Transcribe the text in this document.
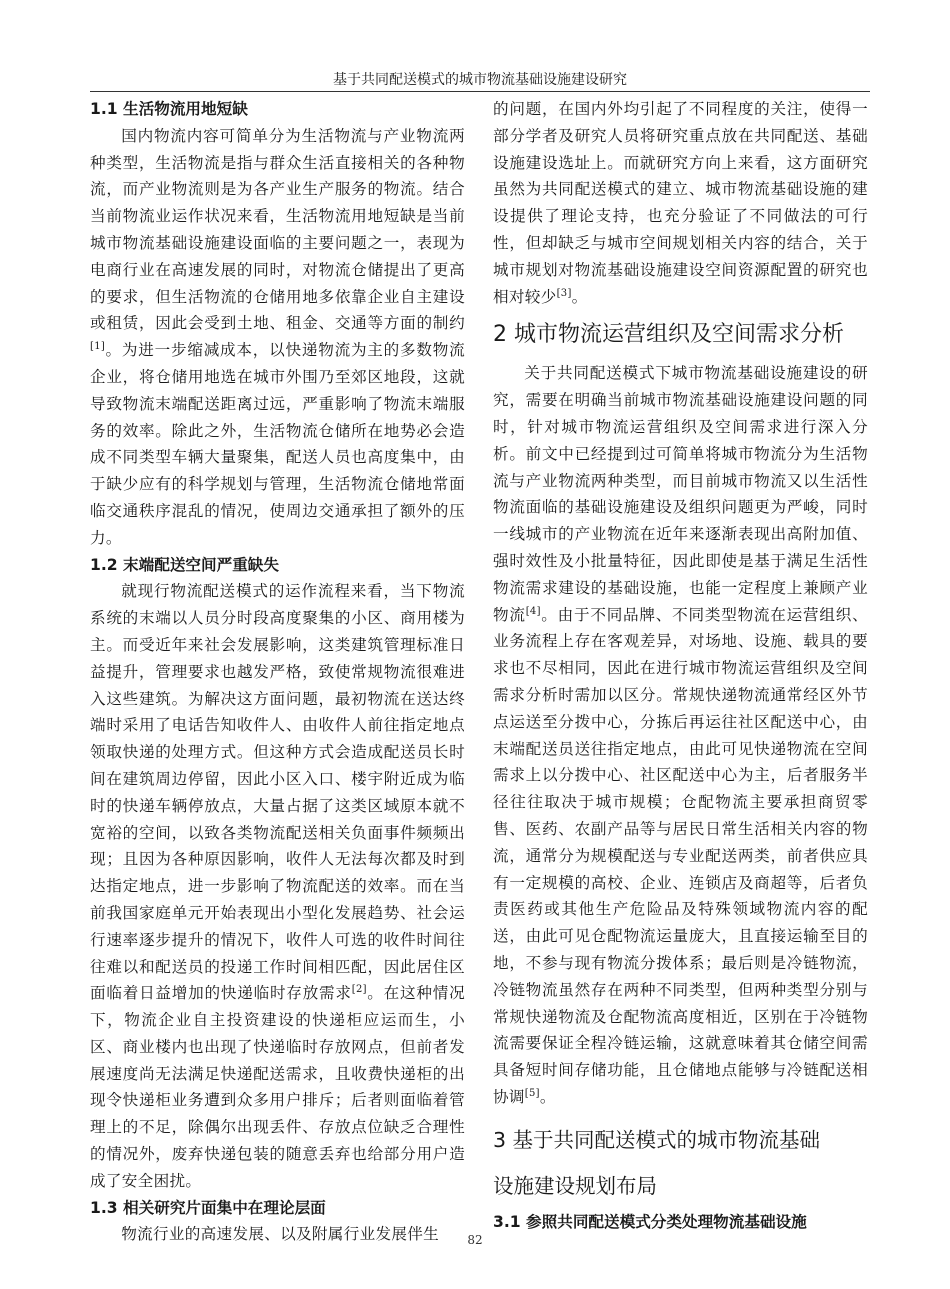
基于共同配送模式的城市物流基础设施建设研究
1.1 生活物流用地短缺

国内物流内容可简单分为生活物流与产业物流两种类型，生活物流是指与群众生活直接相关的各种物流，而产业物流则是为各产业生产服务的物流。结合当前物流业运作状况来看，生活物流用地短缺是当前城市物流基础设施建设面临的主要问题之一，表现为电商行业在高速发展的同时，对物流仓储提出了更高的要求，但生活物流的仓储用地多依靠企业自主建设或租赁，因此会受到土地、租金、交通等方面的制约[1]。为进一步缩减成本，以快递物流为主的多数物流企业，将仓储用地选在城市外围乃至郊区地段，这就导致物流末端配送距离过远，严重影响了物流末端服务的效率。除此之外，生活物流仓储所在地势必会造成不同类型车辆大量聚集，配送人员也高度集中，由于缺少应有的科学规划与管理，生活物流仓储地常面临交通秩序混乱的情况，使周边交通承担了额外的压力。

1.2 末端配送空间严重缺失

就现行物流配送模式的运作流程来看，当下物流系统的末端以人员分时段高度聚集的小区、商用楼为主。而受近年来社会发展影响，这类建筑管理标准日益提升，管理要求也越发严格，致使常规物流很难进入这些建筑。为解决这方面问题，最初物流在送达终端时采用了电话告知收件人、由收件人前往指定地点领取快递的处理方式。但这种方式会造成配送员长时间在建筑周边停留，因此小区入口、楼宇附近成为临时的快递车辆停放点，大量占据了这类区域原本就不宽裕的空间，以致各类物流配送相关负面事件频频出现；且因为各种原因影响，收件人无法每次都及时到达指定地点，进一步影响了物流配送的效率。而在当前我国家庭单元开始表现出小型化发展趋势、社会运行速率逐步提升的情况下，收件人可选的收件时间往往难以和配送员的投递工作时间相匹配，因此居住区面临着日益增加的快递临时存放需求[2]。在这种情况下，物流企业自主投资建设的快递柜应运而生，小区、商业楼内也出现了快递临时存放网点，但前者发展速度尚无法满足快递配送需求，且收费快递柜的出现令快递柜业务遭到众多用户排斥；后者则面临着管理上的不足，除偶尔出现丢件、存放点位缺乏合理性的情况外，废弃快递包装的随意丢弃也给部分用户造成了安全困扰。

1.3 相关研究片面集中在理论层面

物流行业的高速发展、以及附属行业发展伴生

的问题，在国内外均引起了不同程度的关注，使得一部分学者及研究人员将研究重点放在共同配送、基础设施建设选址上。而就研究方向上来看，这方面研究虽然为共同配送模式的建立、城市物流基础设施的建设提供了理论支持，也充分验证了不同做法的可行性，但却缺乏与城市空间规划相关内容的结合，关于城市规划对物流基础设施建设空间资源配置的研究也相对较少[3]。

2 城市物流运营组织及空间需求分析

关于共同配送模式下城市物流基础设施建设的研究，需要在明确当前城市物流基础设施建设问题的同时，针对城市物流运营组织及空间需求进行深入分析。前文中已经提到过可简单将城市物流分为生活物流与产业物流两种类型，而目前城市物流又以生活性物流面临的基础设施建设及组织问题更为严峻，同时一线城市的产业物流在近年来逐渐表现出高附加值、强时效性及小批量特征，因此即使是基于满足生活性物流需求建设的基础设施，也能一定程度上兼顾产业物流[4]。由于不同品牌、不同类型物流在运营组织、业务流程上存在客观差异，对场地、设施、载具的要求也不尽相同，因此在进行城市物流运营组织及空间需求分析时需加以区分。常规快递物流通常经区外节点运送至分拨中心，分拣后再运往社区配送中心，由末端配送员送往指定地点，由此可见快递物流在空间需求上以分拨中心、社区配送中心为主，后者服务半径往往取决于城市规模；仓配物流主要承担商贸零售、医药、农副产品等与居民日常生活相关内容的物流，通常分为规模配送与专业配送两类，前者供应具有一定规模的高校、企业、连锁店及商超等，后者负责医药或其他生产危险品及特殊领域物流内容的配送，由此可见仓配物流运量庞大，且直接运输至目的地，不参与现有物流分拨体系；最后则是冷链物流，冷链物流虽然存在两种不同类型，但两种类型分别与常规快递物流及仓配物流高度相近，区别在于冷链物流需要保证全程冷链运输，这就意味着其仓储空间需具备短时间存储功能，且仓储地点能够与冷链配送相协调[5]。

3 基于共同配送模式的城市物流基础
设施建设规划布局
3.1 参照共同配送模式分类处理物流基础设施
82
